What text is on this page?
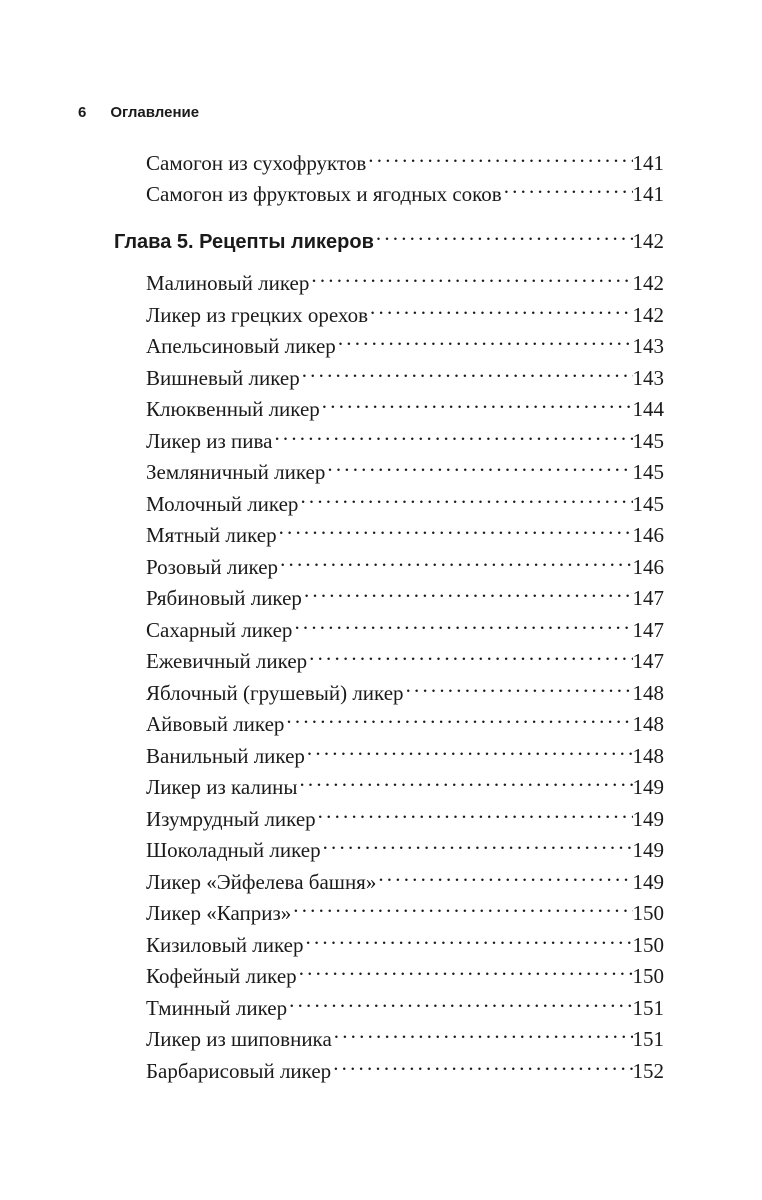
6 Оглавление
Самогон из сухофруктов .....	141
Самогон из фруктовых и ягодных соков .....	141
Глава 5. Рецепты ликеров .....	142
Малиновый ликер .....	142
Ликер из грецких орехов .....	142
Апельсиновый ликер .....	143
Вишневый ликер .....	143
Клюквенный ликер .....	144
Ликер из пива .....	145
Земляничный ликер .....	145
Молочный ликер .....	145
Мятный ликер .....	146
Розовый ликер .....	146
Рябиновый ликер .....	147
Сахарный ликер .....	147
Ежевичный ликер .....	147
Яблочный (грушевый) ликер .....	148
Айвовый ликер .....	148
Ванильный ликер .....	148
Ликер из калины .....	149
Изумрудный ликер .....	149
Шоколадный ликер .....	149
Ликер «Эйфелева башня» .....	149
Ликер «Каприз» .....	150
Кизиловый ликер .....	150
Кофейный ликер .....	150
Тминный ликер .....	151
Ликер из шиповника .....	151
Барбарисовый ликер .....	152
